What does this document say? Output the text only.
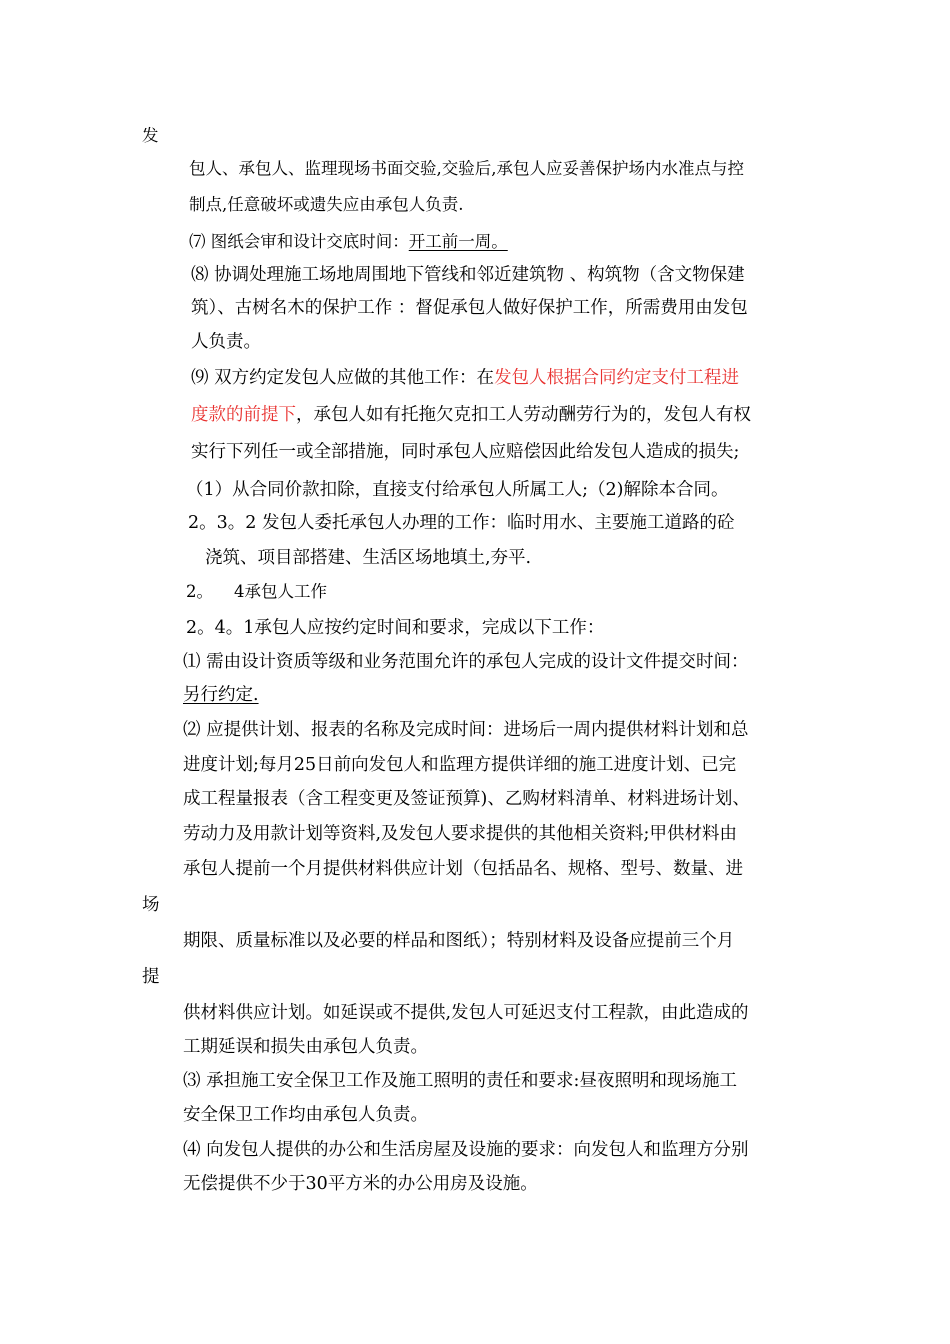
发
包人、承包人、监理现场书面交验,交验后,承包人应妥善保护场内水准点与控
制点,任意破坏或遗失应由承包人负责.
⑺ 图纸会审和设计交底时间：开工前一周。
⑻ 协调处理施工场地周围地下管线和邻近建筑物 、构筑物（含文物保建
筑）、古树名木的保护工作 ：督促承包人做好保护工作，所需费用由发包
人负责。
⑼ 双方约定发包人应做的其他工作：在发包人根据合同约定支付工程进
度款的前提下，承包人如有托拖欠克扣工人劳动酬劳行为的，发包人有权
实行下列任一或全部措施，同时承包人应赔偿因此给发包人造成的损失;
（1）从合同价款扣除，直接支付给承包人所属工人;（2)解除本合同。
2。3。2 发包人委托承包人办理的工作：临时用水、主要施工道路的砼
浇筑、项目部搭建、生活区场地填土,夯平.
2。    4承包人工作
2。4。1承包人应按约定时间和要求，完成以下工作：
⑴ 需由设计资质等级和业务范围允许的承包人完成的设计文件提交时间：
另行约定.
⑵ 应提供计划、报表的名称及完成时间：进场后一周内提供材料计划和总
进度计划;每月25日前向发包人和监理方提供详细的施工进度计划、已完
成工程量报表（含工程变更及签证预算)、乙购材料清单、材料进场计划、
劳动力及用款计划等资料,及发包人要求提供的其他相关资料;甲供材料由
承包人提前一个月提供材料供应计划（包括品名、规格、型号、数量、进
场
期限、质量标准以及必要的样品和图纸）；特别材料及设备应提前三个月
提
供材料供应计划。如延误或不提供,发包人可延迟支付工程款，由此造成的
工期延误和损失由承包人负责。
⑶ 承担施工安全保卫工作及施工照明的责任和要求:昼夜照明和现场施工
安全保卫工作均由承包人负责。
⑷ 向发包人提供的办公和生活房屋及设施的要求：向发包人和监理方分别
无偿提供不少于30平方米的办公用房及设施。
